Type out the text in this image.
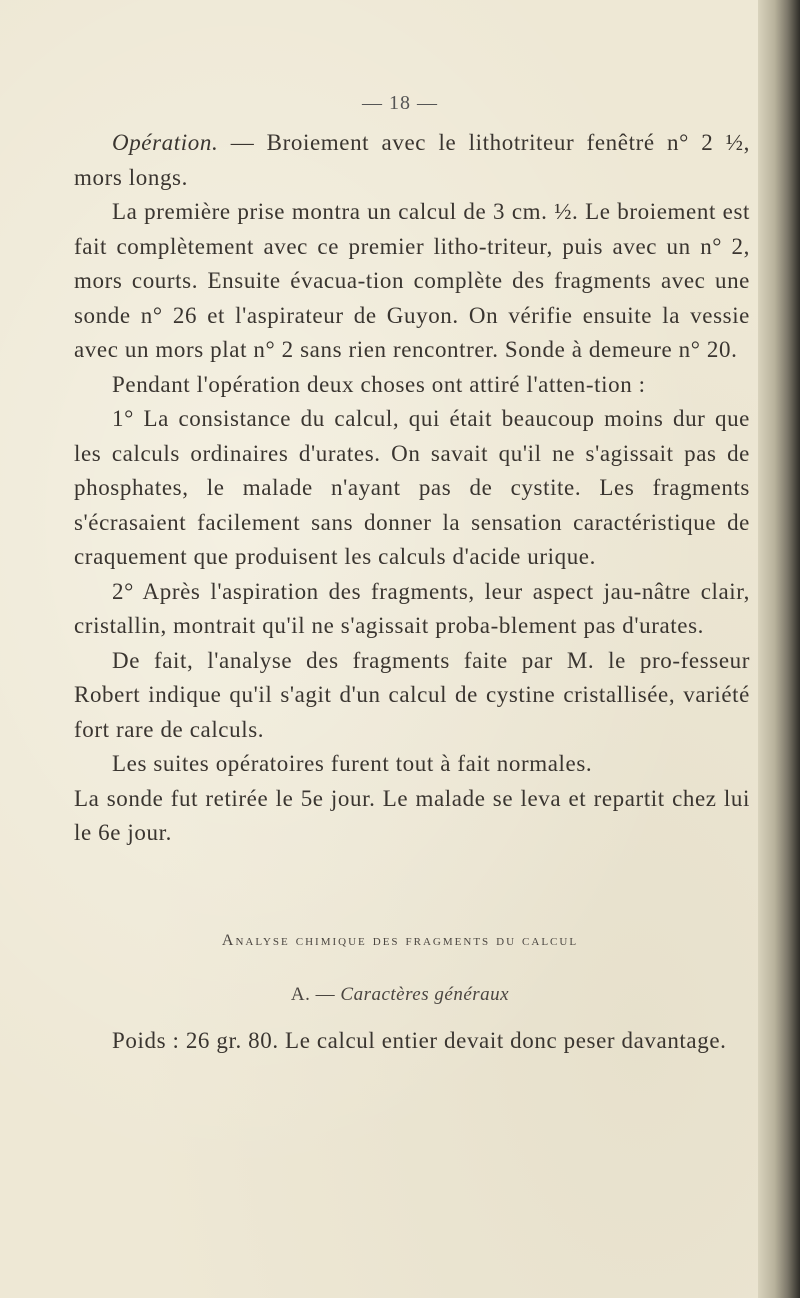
— 18 —

Opération. — Broiement avec le lithotriteur fenêtré n° 2 ½, mors longs.

La première prise montra un calcul de 3 cm. ½. Le broiement est fait complètement avec ce premier litho-triteur, puis avec un n° 2, mors courts. Ensuite évacua-tion complète des fragments avec une sonde n° 26 et l'aspirateur de Guyon. On vérifie ensuite la vessie avec un mors plat n° 2 sans rien rencontrer. Sonde à demeure n° 20.

Pendant l'opération deux choses ont attiré l'atten-tion :

1° La consistance du calcul, qui était beaucoup moins dur que les calculs ordinaires d'urates. On savait qu'il ne s'agissait pas de phosphates, le malade n'ayant pas de cystite. Les fragments s'écrasaient facilement sans donner la sensation caractéristique de craquement que produisent les calculs d'acide urique.

2° Après l'aspiration des fragments, leur aspect jau-nâtre clair, cristallin, montrait qu'il ne s'agissait proba-blement pas d'urates.

De fait, l'analyse des fragments faite par M. le pro-fesseur Robert indique qu'il s'agit d'un calcul de cystine cristallisée, variété fort rare de calculs.

Les suites opératoires furent tout à fait normales.

La sonde fut retirée le 5e jour. Le malade se leva et repartit chez lui le 6e jour.

Analyse chimique des fragments du calcul
A. — Caractères généraux

Poids : 26 gr. 80. Le calcul entier devait donc peser davantage.
